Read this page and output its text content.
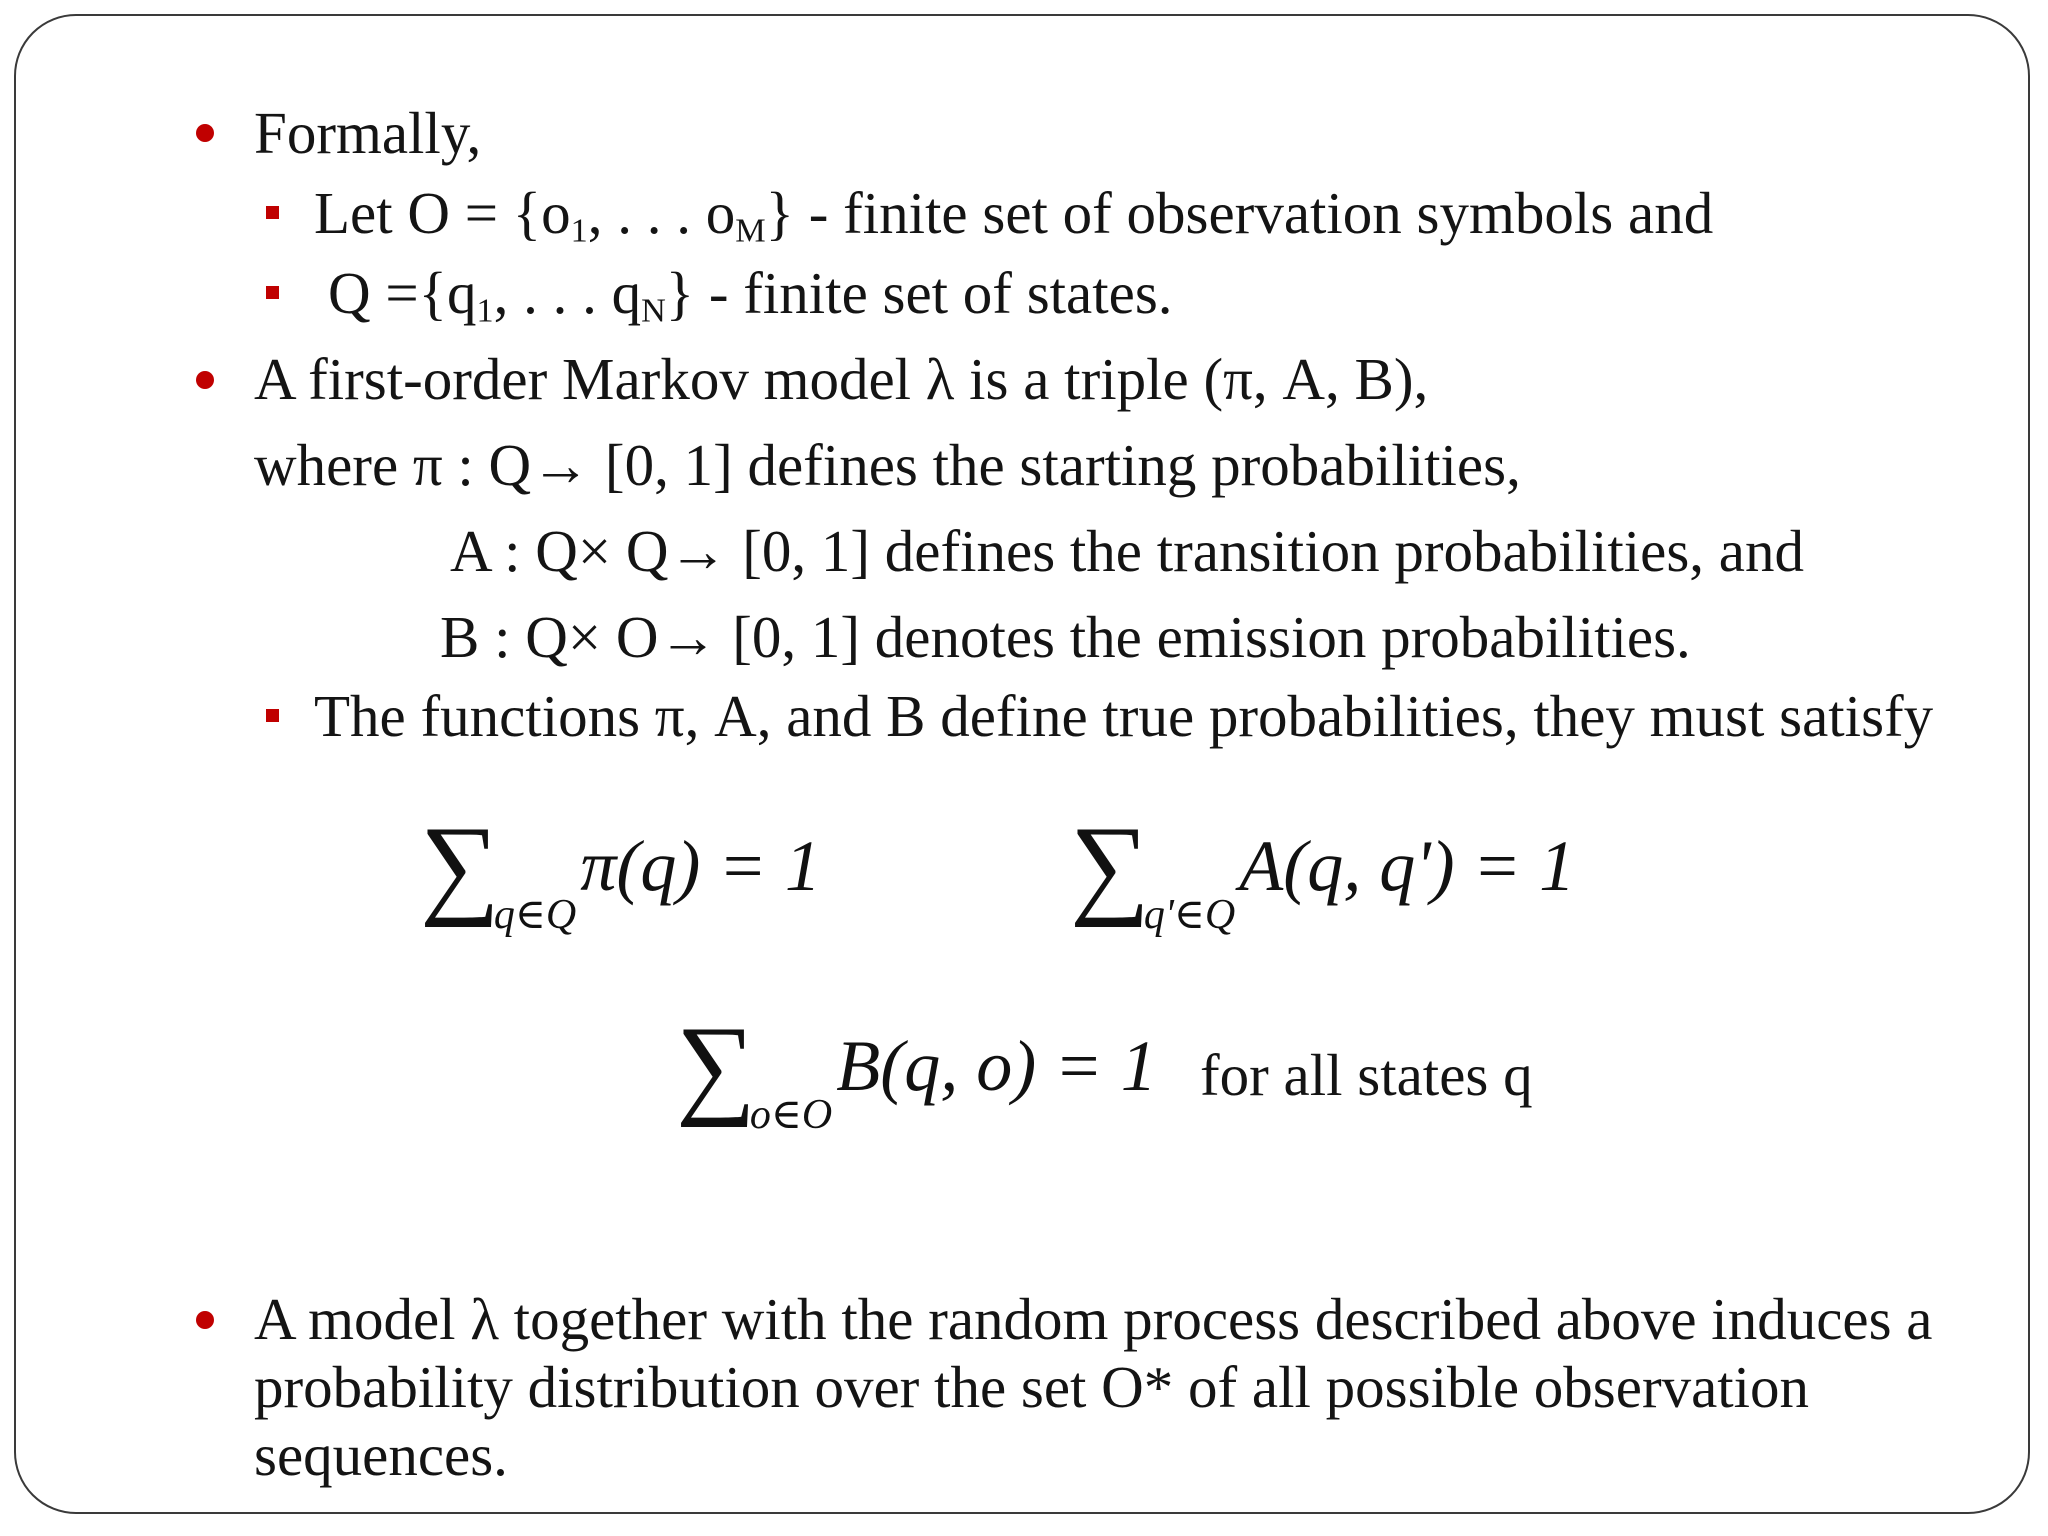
Formally,
Let $O = \{o_1$, . . . $o_M$} - finite set of observation symbols and
$Q =\{q_1$, . . . $q_N$} - finite set of states.
A first-order Markov model λ is a triple (π, A, B),
where π : Q→ [0, 1] defines the starting probabilities,
A : Q× Q→ [0, 1] defines the transition probabilities, and
B : Q× O→ [0, 1] denotes the emission probabilities.
The functions π, A, and B define true probabilities, they must satisfy
∑q∈Q π(q) = 1 ∑q'∈Q A(q, q') = 1
∑o∈O B(q, o) = 1 for all states q
A model λ together with the random process described above induces a
probability distribution over the set O* of all possible observation
sequences.
